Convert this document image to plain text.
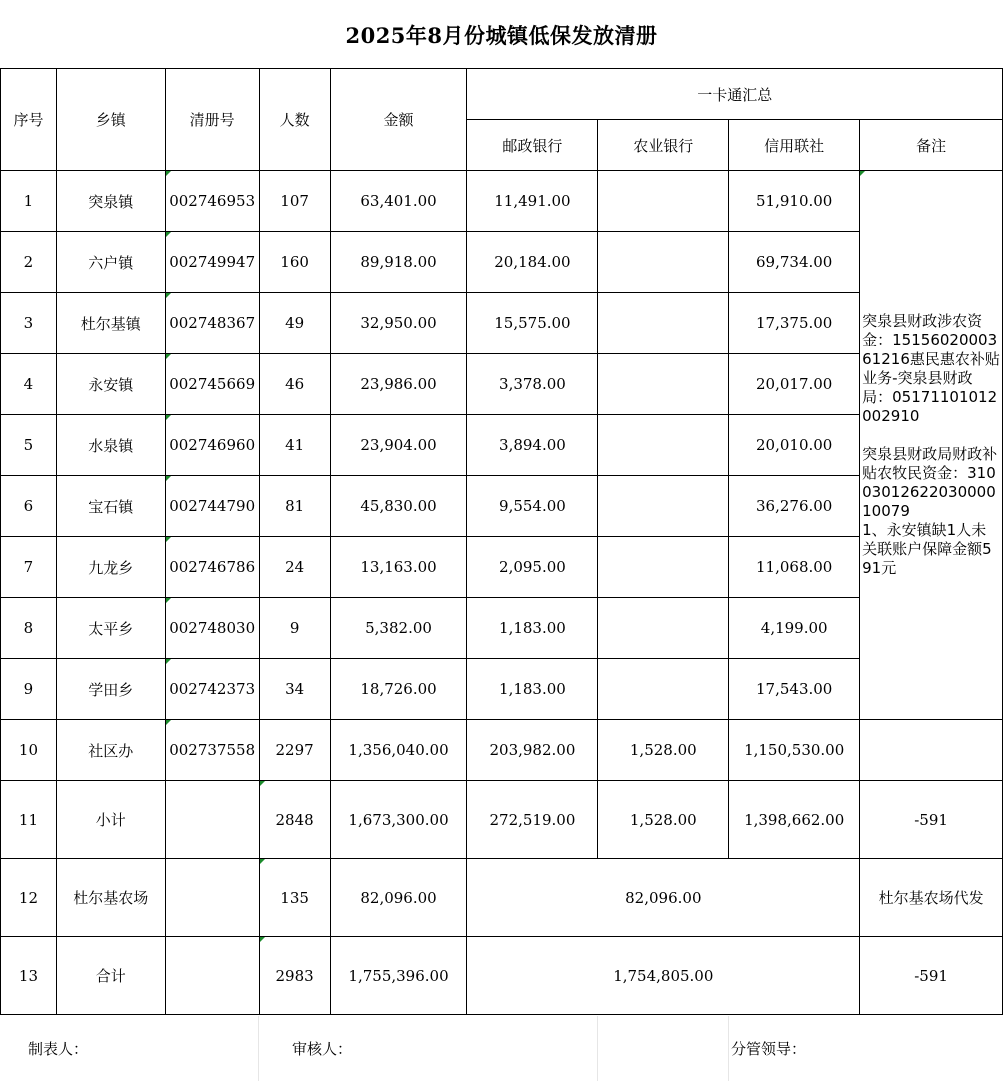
2025年8月份城镇低保发放清册
序号	乡镇	清册号	人数	金额	一卡通汇总			
					邮政银行	农业银行	信用联社	备注
1	突泉镇	002746953	107	63,401.00	11,491.00		51,910.00	突泉县财政涉农资金：1515602000361216惠民惠农补贴业务-突泉县财政局：05171101012002910

突泉县财政局财政补贴农牧民资金：3100301262203000010079
1、永安镇缺1人未关联账户保障金额591元
2	六户镇	002749947	160	89,918.00	20,184.00		69,734.00	
3	杜尔基镇	002748367	49	32,950.00	15,575.00		17,375.00	
4	永安镇	002745669	46	23,986.00	3,378.00		20,017.00	
5	水泉镇	002746960	41	23,904.00	3,894.00		20,010.00	
6	宝石镇	002744790	81	45,830.00	9,554.00		36,276.00	
7	九龙乡	002746786	24	13,163.00	2,095.00		11,068.00	
8	太平乡	002748030	9	5,382.00	1,183.00		4,199.00	
9	学田乡	002742373	34	18,726.00	1,183.00		17,543.00	
10	社区办	002737558	2297	1,356,040.00	203,982.00	1,528.00	1,150,530.00	
11	小计		2848	1,673,300.00	272,519.00	1,528.00	1,398,662.00	-591
12	杜尔基农场		135	82,096.00	82,096.00			杜尔基农场代发
13	合计		2983	1,755,396.00	1,754,805.00			-591
制表人：	审核人：	分管领导：
